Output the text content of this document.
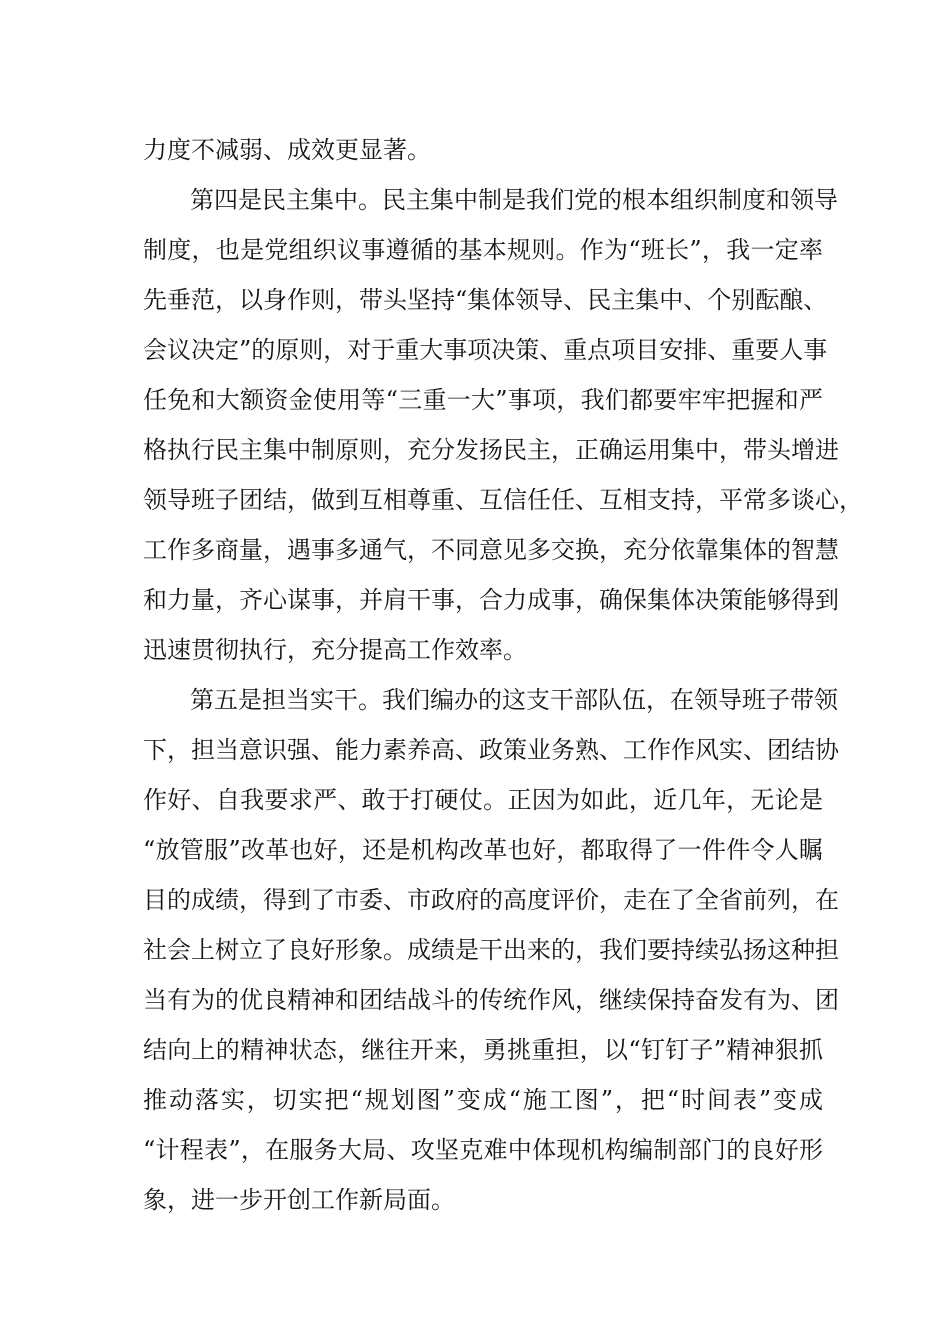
力度不减弱、成效更显著。
第四是民主集中。民主集中制是我们党的根本组织制度和领导
制度，也是党组织议事遵循的基本规则。作为“班长”，我一定率
先垂范，以身作则，带头坚持“集体领导、民主集中、个别酝酿、
会议决定”的原则，对于重大事项决策、重点项目安排、重要人事
任免和大额资金使用等“三重一大”事项，我们都要牢牢把握和严
格执行民主集中制原则，充分发扬民主，正确运用集中，带头增进
领导班子团结，做到互相尊重、互信任任、互相支持，平常多谈心，
工作多商量，遇事多通气，不同意见多交换，充分依靠集体的智慧
和力量，齐心谋事，并肩干事，合力成事，确保集体决策能够得到
迅速贯彻执行，充分提高工作效率。
第五是担当实干。我们编办的这支干部队伍，在领导班子带领
下，担当意识强、能力素养高、政策业务熟、工作作风实、团结协
作好、自我要求严、敢于打硬仗。正因为如此，近几年，无论是
“放管服”改革也好，还是机构改革也好，都取得了一件件令人瞩
目的成绩，得到了市委、市政府的高度评价，走在了全省前列，在
社会上树立了良好形象。成绩是干出来的，我们要持续弘扬这种担
当有为的优良精神和团结战斗的传统作风，继续保持奋发有为、团
结向上的精神状态，继往开来，勇挑重担，以“钉钉子”精神狠抓
推动落实，切实把“规划图”变成“施工图”，把“时间表”变成
“计程表”，在服务大局、攻坚克难中体现机构编制部门的良好形
象，进一步开创工作新局面。
